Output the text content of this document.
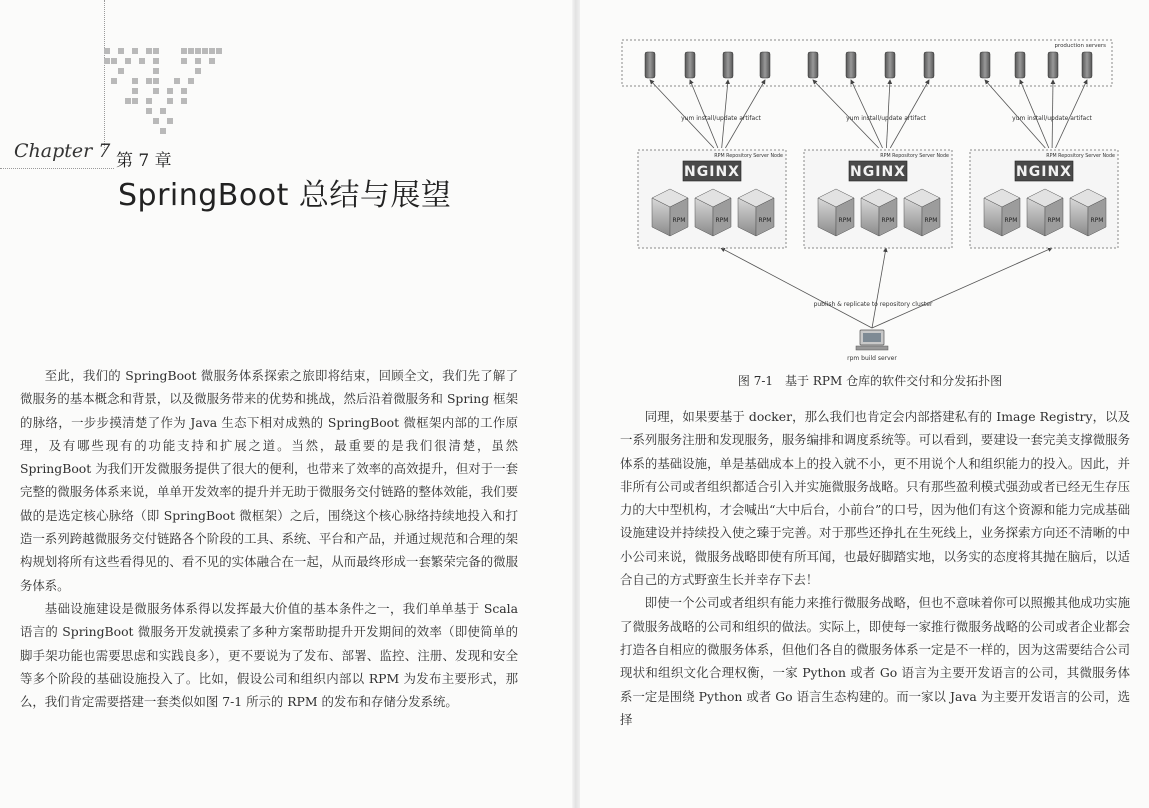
Chapter 7 第 7 章
SpringBoot 总结与展望

至此，我们的 SpringBoot 微服务体系探索之旅即将结束，回顾全文，我们先了解了微服务的基本概念和背景，以及微服务带来的优势和挑战，然后沿着微服务和 Spring 框架的脉络，一步步摸清楚了作为 Java 生态下相对成熟的 SpringBoot 微框架内部的工作原理，及有哪些现有的功能支持和扩展之道。当然，最重要的是我们很清楚，虽然 SpringBoot 为我们开发微服务提供了很大的便利，也带来了效率的高效提升，但对于一套完整的微服务体系来说，单单开发效率的提升并无助于微服务交付链路的整体效能，我们要做的是选定核心脉络（即 SpringBoot 微框架）之后，围绕这个核心脉络持续地投入和打造一系列跨越微服务交付链路各个阶段的工具、系统、平台和产品，并通过规范和合理的架构规划将所有这些看得见的、看不见的实体融合在一起，从而最终形成一套繁荣完备的微服务体系。

基础设施建设是微服务体系得以发挥最大价值的基本条件之一，我们单单基于 Scala 语言的 SpringBoot 微服务开发就摸索了多种方案帮助提升开发期间的效率（即使简单的脚手架功能也需要思虑和实践良多），更不要说为了发布、部署、监控、注册、发现和安全等多个阶段的基础设施投入了。比如，假设公司和组织内部以 RPM 为发布主要形式，那么，我们肯定需要搭建一套类似如图 7-1 所示的 RPM 的发布和存储分发系统。

production servers
yum install/update artifact	yum install/update artifact	yum install/update artifact
RPM Repository Server Node
NGINX
RPM	RPM	RPM
RPM Repository Server Node
NGINX
RPM	RPM	RPM
RPM Repository Server Node
NGINX
RPM	RPM	RPM
publish & replicate to repository cluster
rpm build server
图 7-1　基于 RPM 仓库的软件交付和分发拓扑图

同理，如果要基于 docker，那么我们也肯定会内部搭建私有的 Image Registry，以及一系列服务注册和发现服务，服务编排和调度系统等。可以看到，要建设一套完美支撑微服务体系的基础设施，单是基础成本上的投入就不小，更不用说个人和组织能力的投入。因此，并非所有公司或者组织都适合引入并实施微服务战略。只有那些盈利模式强劲或者已经无生存压力的大中型机构，才会喊出“大中后台，小前台”的口号，因为他们有这个资源和能力完成基础设施建设并持续投入使之臻于完善。对于那些还挣扎在生死线上，业务探索方向还不清晰的中小公司来说，微服务战略即使有所耳闻，也最好脚踏实地，以务实的态度将其抛在脑后，以适合自己的方式野蛮生长并幸存下去！

即使一个公司或者组织有能力来推行微服务战略，但也不意味着你可以照搬其他成功实施了微服务战略的公司和组织的做法。实际上，即使每一家推行微服务战略的公司或者企业都会打造各自相应的微服务体系，但他们各自的微服务体系一定是不一样的，因为这需要结合公司现状和组织文化合理权衡，一家 Python 或者 Go 语言为主要开发语言的公司，其微服务体系一定是围绕 Python 或者 Go 语言生态构建的。而一家以 Java 为主要开发语言的公司，选择
